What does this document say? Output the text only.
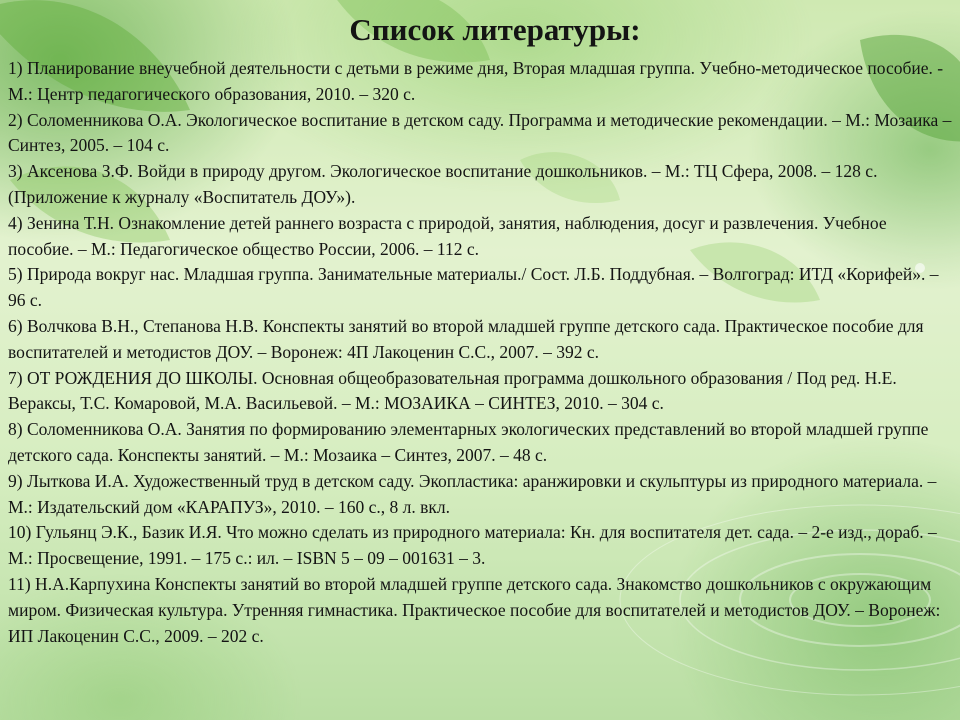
Список литературы:

1) Планирование внеучебной деятельности с детьми в режиме дня, Вторая младшая группа. Учебно-методическое пособие. - М.: Центр педагогического образования, 2010. – 320 с.

2) Соломенникова О.А. Экологическое воспитание в детском саду. Программа и методические рекомендации. – М.: Мозаика – Синтез, 2005. – 104 с.

3) Аксенова З.Ф. Войди в природу другом. Экологическое воспитание дошкольников. – М.: ТЦ Сфера, 2008. – 128 с. (Приложение к журналу «Воспитатель ДОУ»).

4) Зенина Т.Н. Ознакомление детей раннего возраста с природой, занятия, наблюдения, досуг и развлечения. Учебное пособие. – М.: Педагогическое общество России, 2006. – 112 с.

5) Природа вокруг нас. Младшая группа. Занимательные материалы./ Сост. Л.Б. Поддубная. – Волгоград: ИТД «Корифей». – 96 с.

6) Волчкова В.Н., Степанова Н.В. Конспекты занятий во второй младшей группе детского сада. Практическое пособие для воспитателей и методистов ДОУ. – Воронеж: 4П Лакоценин С.С., 2007. – 392 с.

7) ОТ РОЖДЕНИЯ ДО ШКОЛЫ. Основная общеобразовательная программа дошкольного образования / Под ред. Н.Е. Вераксы, Т.С. Комаровой, М.А. Васильевой. – М.: МОЗАИКА – СИНТЕЗ, 2010. – 304 с.

8) Соломенникова О.А. Занятия по формированию элементарных экологических представлений во второй младшей группе детского сада. Конспекты занятий. – М.: Мозаика – Синтез, 2007. – 48 с.

9) Лыткова И.А. Художественный труд в детском саду. Экопластика: аранжировки и скульптуры из природного материала. – М.: Издательский дом «КАРАПУЗ», 2010. – 160 с., 8 л. вкл.

10) Гульянц Э.К., Базик И.Я. Что можно сделать из природного материала: Кн. для воспитателя дет. сада. – 2-е изд., дораб. – М.: Просвещение, 1991. – 175 с.: ил. – ISBN 5 – 09 – 001631 – 3.

11) Н.А.Карпухина Конспекты занятий во второй младшей группе детского сада. Знакомство дошкольников с окружающим миром. Физическая культура. Утренняя гимнастика. Практическое пособие для воспитателей и методистов ДОУ. – Воронеж: ИП Лакоценин С.С., 2009. – 202 с.
